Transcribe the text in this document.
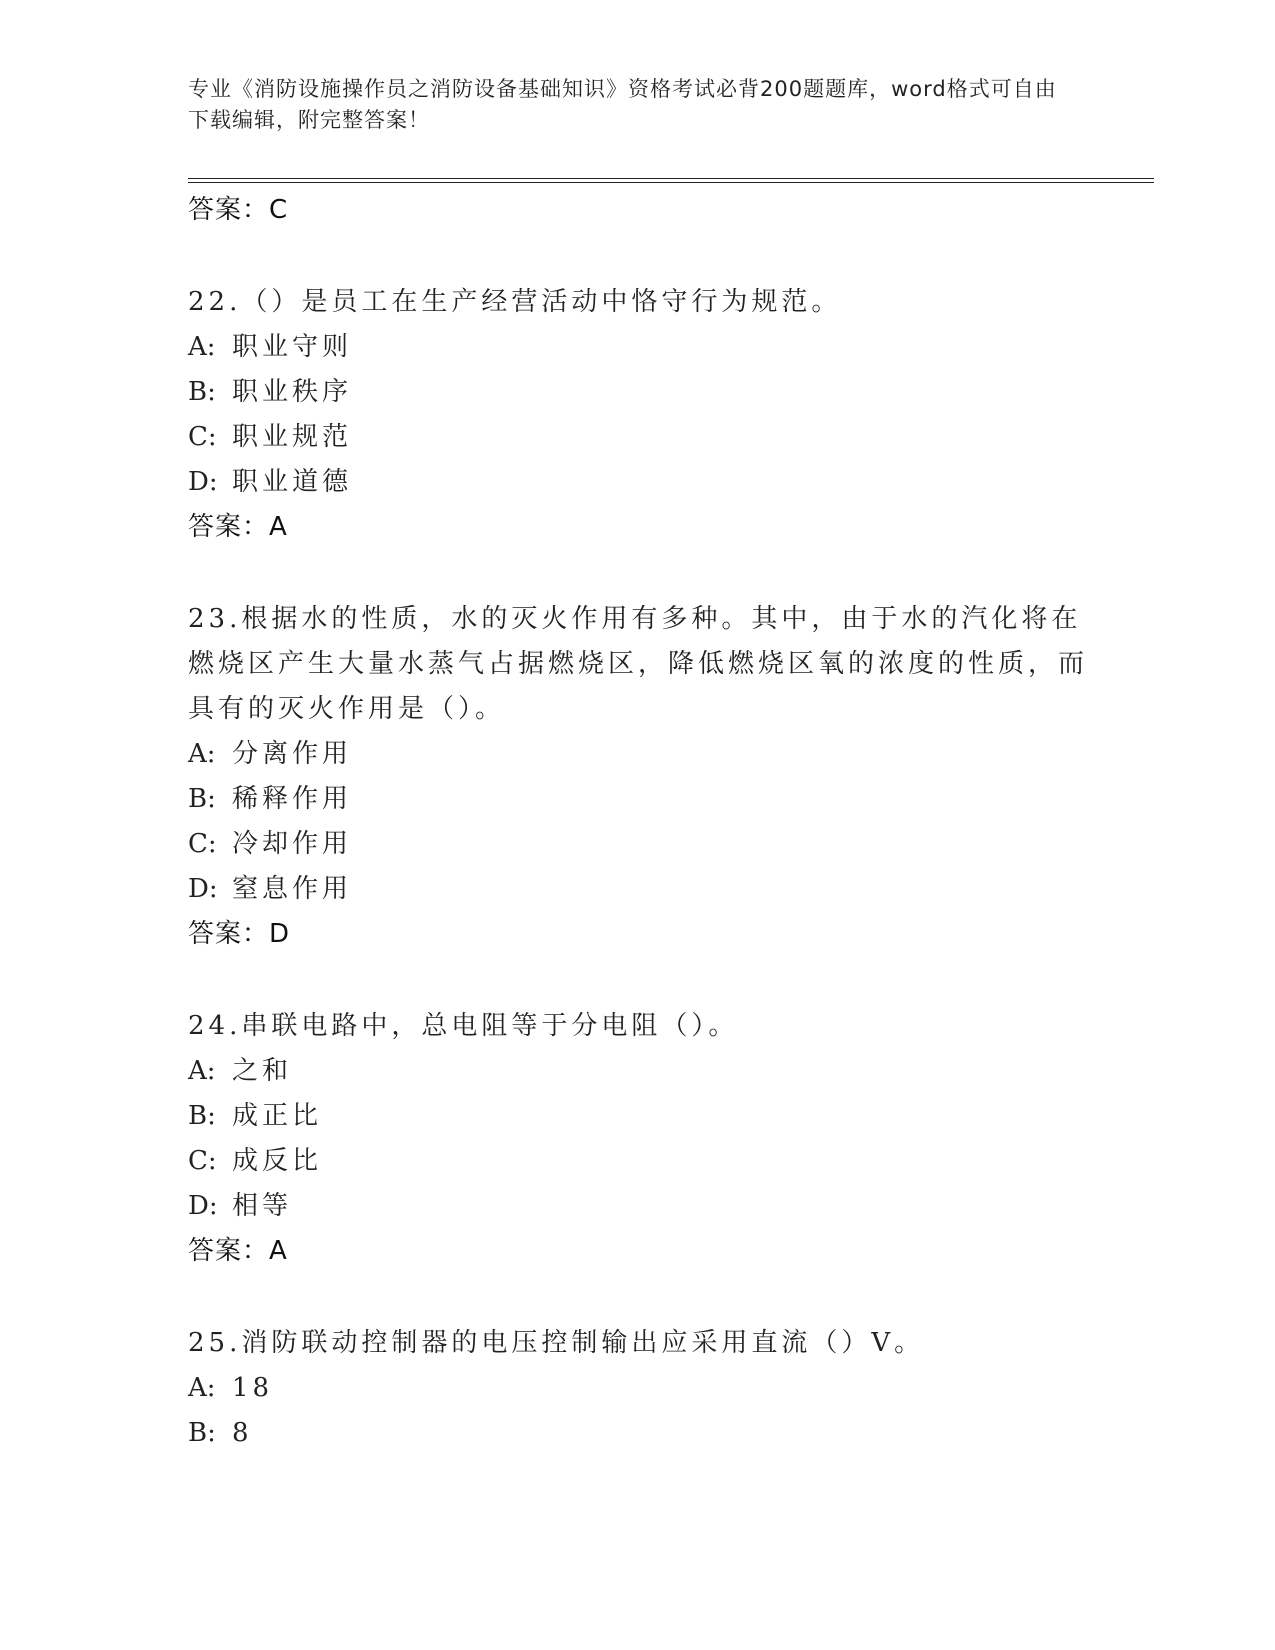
专业《消防设施操作员之消防设备基础知识》资格考试必背200题题库，word格式可自由下载编辑，附完整答案！
答案：C
22.（）是员工在生产经营活动中恪守行为规范。
A: 职业守则
B: 职业秩序
C: 职业规范
D: 职业道德
答案：A
23.根据水的性质，水的灭火作用有多种。其中，由于水的汽化将在燃烧区产生大量水蒸气占据燃烧区，降低燃烧区氧的浓度的性质，而具有的灭火作用是（）。
A: 分离作用
B: 稀释作用
C: 冷却作用
D: 窒息作用
答案：D
24.串联电路中，总电阻等于分电阻（）。
A: 之和
B: 成正比
C: 成反比
D: 相等
答案：A
25.消防联动控制器的电压控制输出应采用直流（）V。
A: 18
B: 8
